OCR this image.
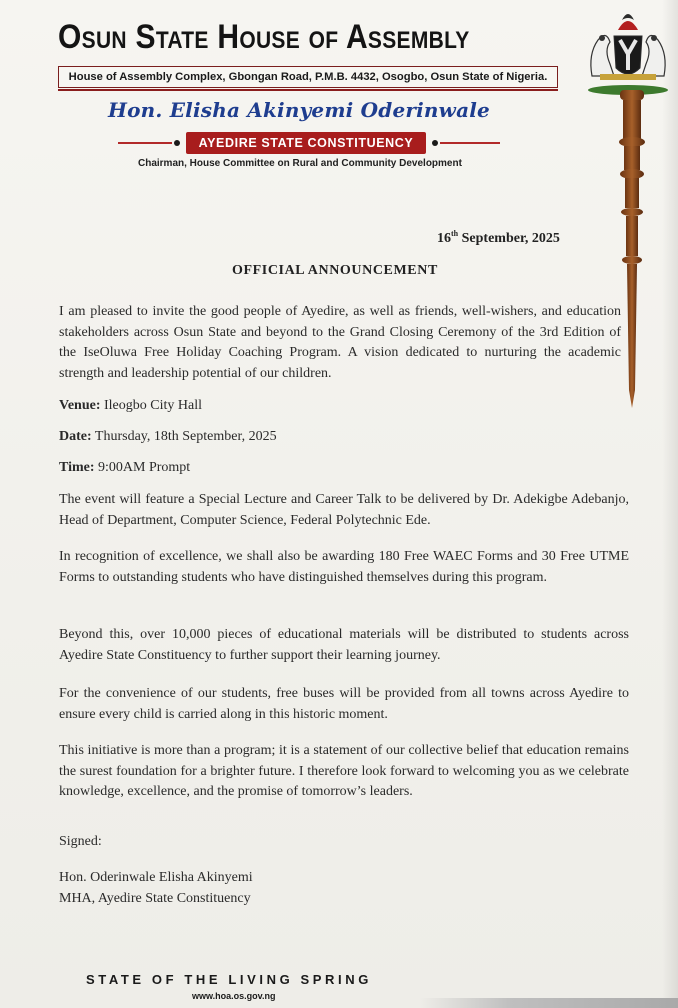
Osun State House of Assembly
House of Assembly Complex, Gbongan Road, P.M.B. 4432, Osogbo, Osun State of Nigeria.
Hon. Elisha Akinyemi Oderinwale
AYEDIRE STATE CONSTITUENCY
Chairman, House Committee on Rural and Community Development
16th September, 2025
OFFICIAL ANNOUNCEMENT
I am pleased to invite the good people of Ayedire, as well as friends, well-wishers, and education stakeholders across Osun State and beyond to the Grand Closing Ceremony of the 3rd Edition of the IseOluwa Free Holiday Coaching Program. A vision dedicated to nurturing the academic strength and leadership potential of our children.
Venue: Ileogbo City Hall
Date: Thursday, 18th September, 2025
Time: 9:00AM Prompt
The event will feature a Special Lecture and Career Talk to be delivered by Dr. Adekigbe Adebanjo, Head of Department, Computer Science, Federal Polytechnic Ede.
In recognition of excellence, we shall also be awarding 180 Free WAEC Forms and 30 Free UTME Forms to outstanding students who have distinguished themselves during this program.
Beyond this, over 10,000 pieces of educational materials will be distributed to students across Ayedire State Constituency to further support their learning journey.
For the convenience of our students, free buses will be provided from all towns across Ayedire to ensure every child is carried along in this historic moment.
This initiative is more than a program; it is a statement of our collective belief that education remains the surest foundation for a brighter future. I therefore look forward to welcoming you as we celebrate knowledge, excellence, and the promise of tomorrow’s leaders.
Signed:
Hon. Oderinwale Elisha Akinyemi
MHA, Ayedire State Constituency
STATE OF THE LIVING SPRING
www.hoa.os.gov.ng
